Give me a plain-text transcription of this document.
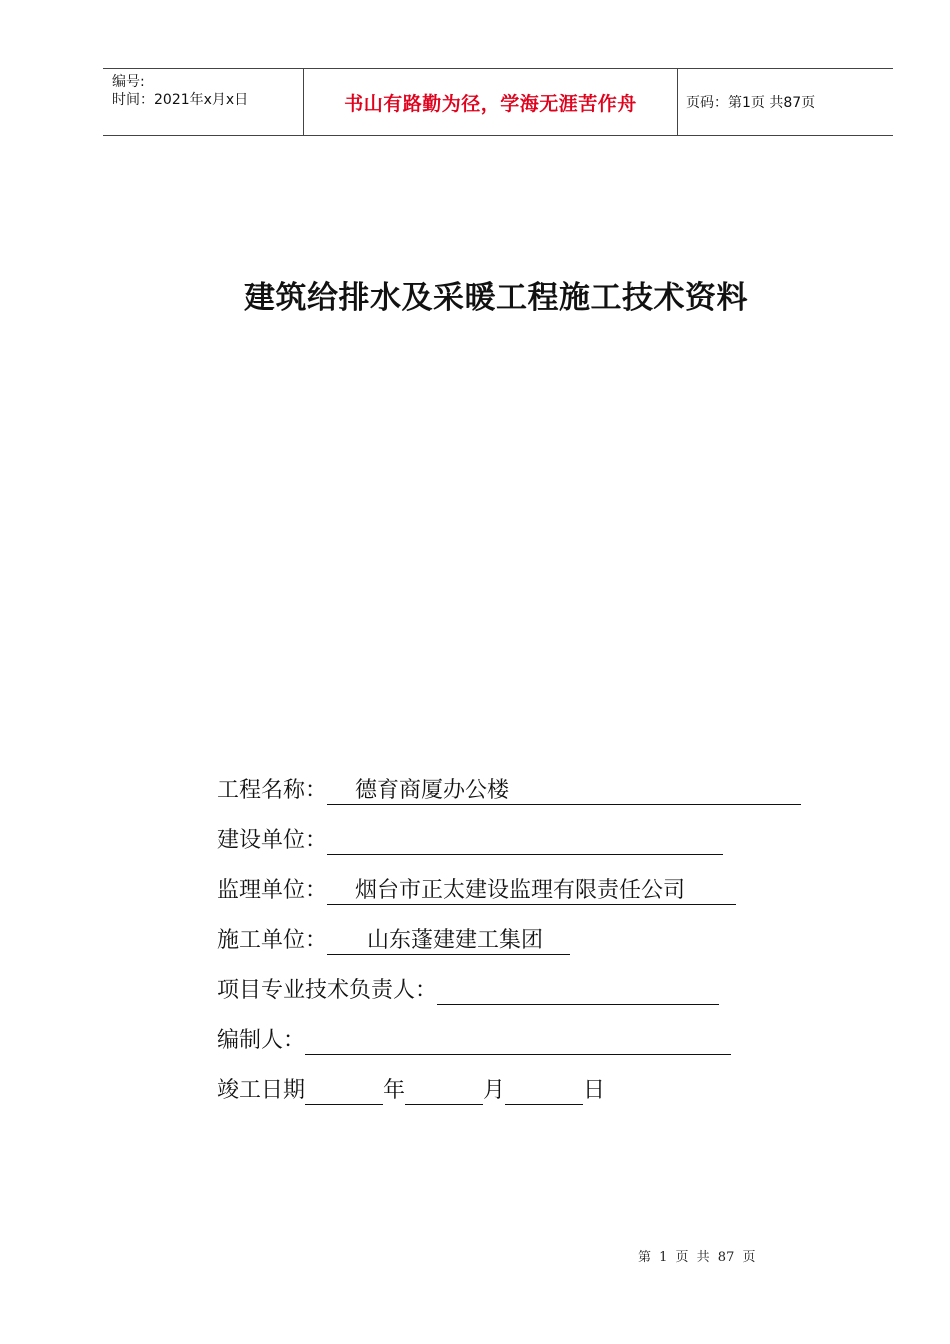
编号:
时间：2021年x月x日	书山有路勤为径，学海无涯苦作舟	页码：第1页 共87页
建筑给排水及采暖工程施工技术资料
工程名称：	德育商厦办公楼
建设单位：
监理单位：	烟台市正太建设监理有限责任公司
施工单位：	山东蓬建建工集团
项目专业技术负责人：
编制人：
竣工日期	年	月	日
第 1 页 共 87 页
